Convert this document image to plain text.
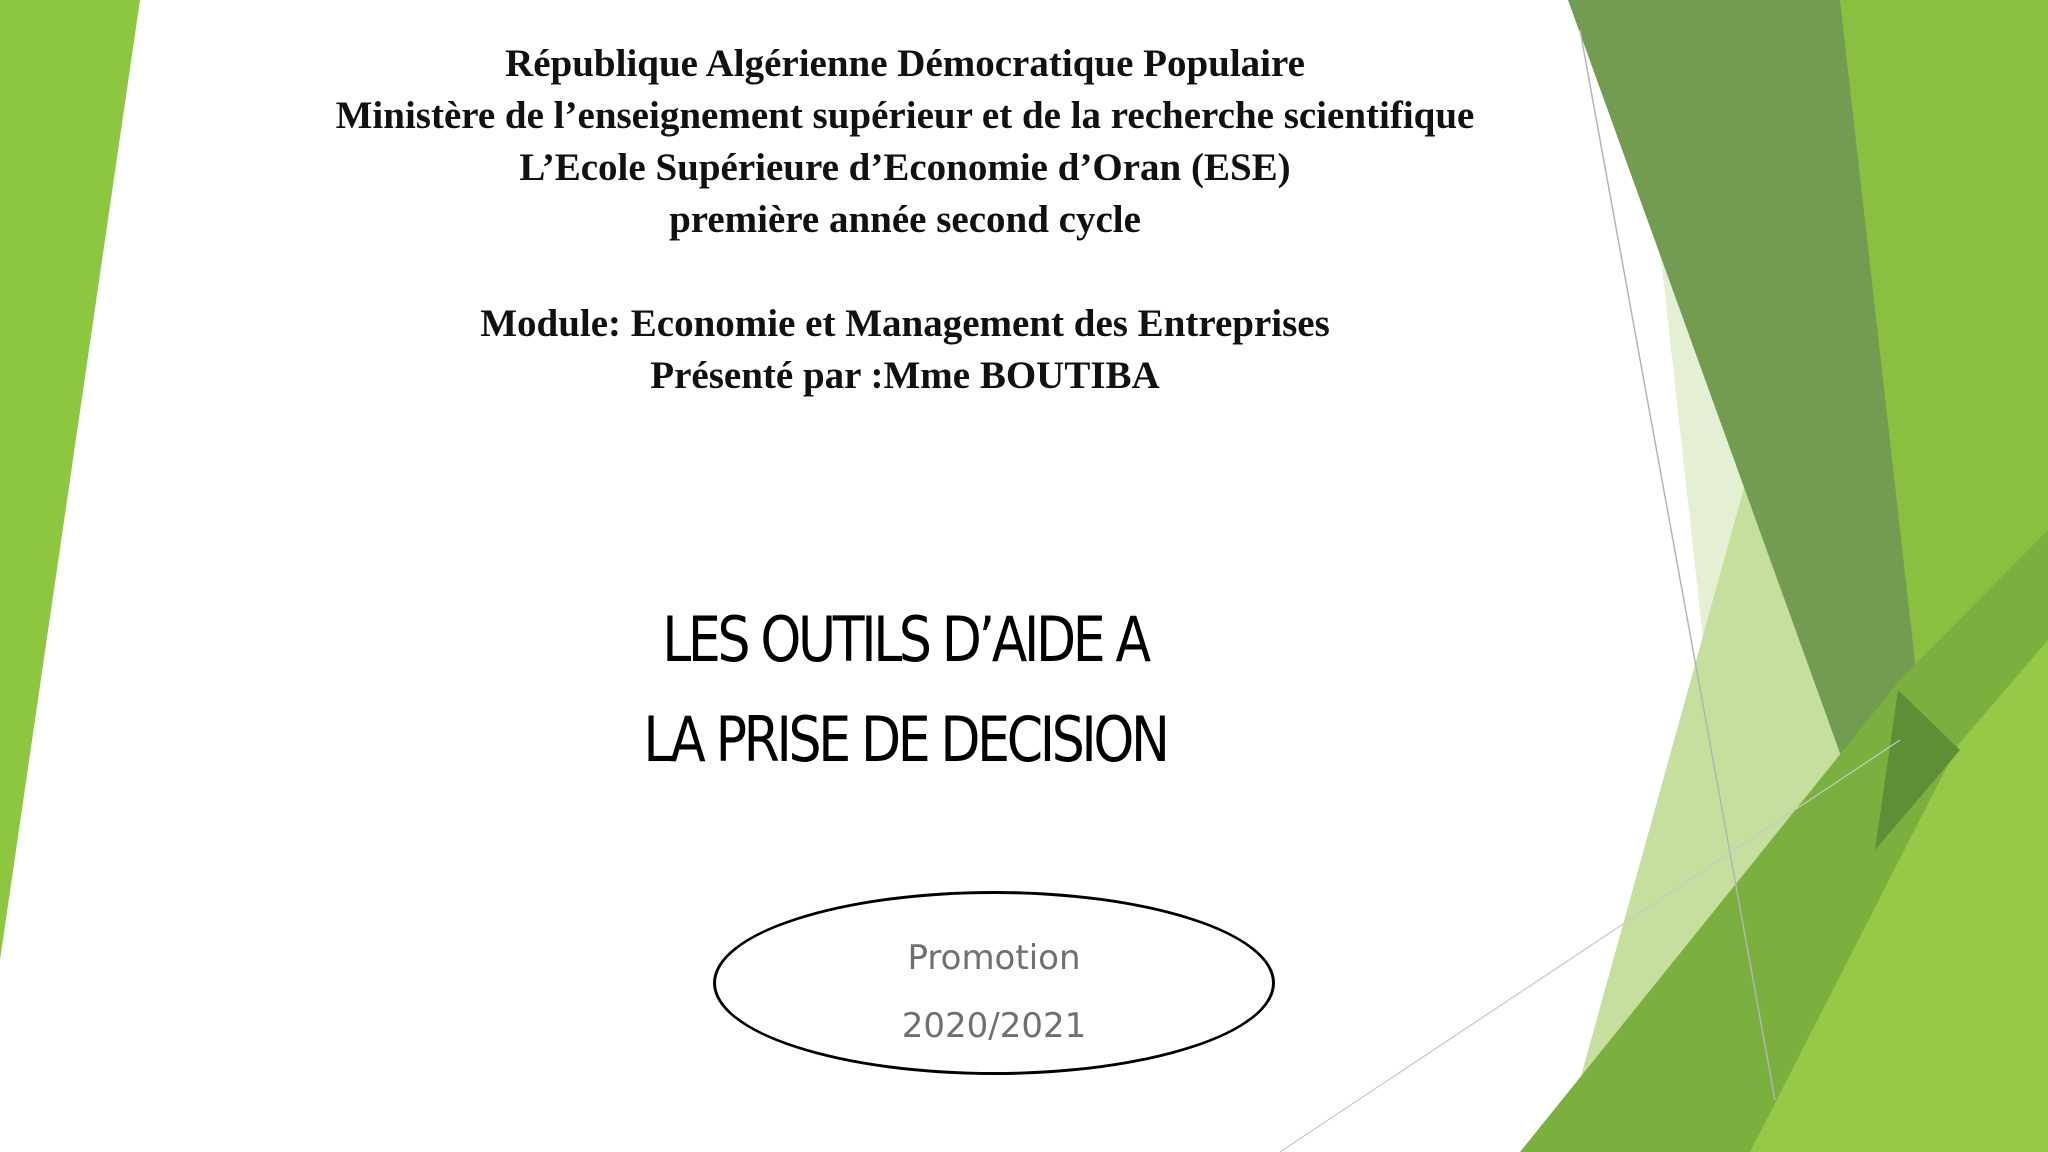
République Algérienne Démocratique Populaire
Ministère de l’enseignement supérieur et de la recherche scientifique
L’Ecole Supérieure d’Economie d’Oran (ESE)
première année second cycle
Module: Economie et Management des Entreprises
Présenté par :Mme BOUTIBA
LES OUTILS D’AIDE A
LA PRISE DE DECISION
Promotion
2020/2021
